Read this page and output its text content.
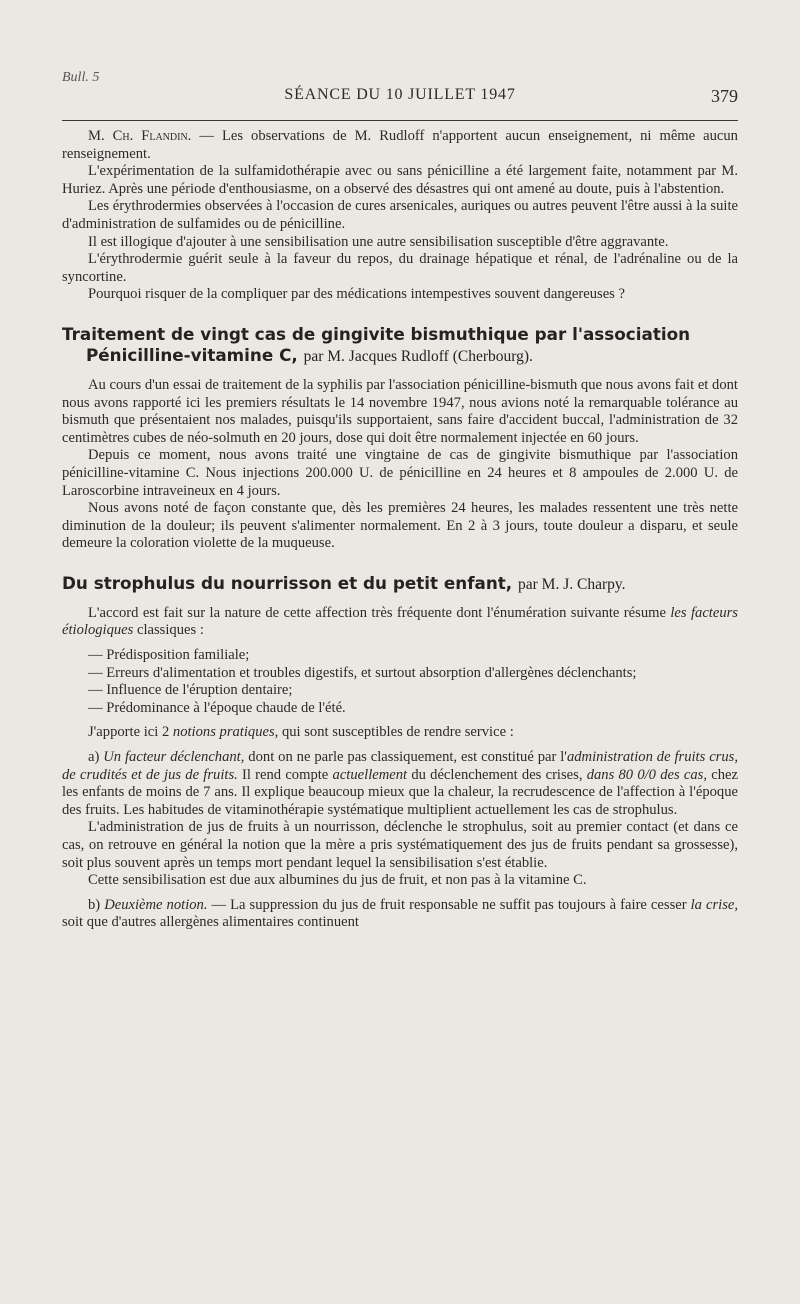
Bull. 5
SÉANCE DU 10 JUILLET 1947	379

M. Ch. Flandin. — Les observations de M. Rudloff n'apportent aucun enseignement, ni même aucun renseignement.

L'expérimentation de la sulfamidothérapie avec ou sans pénicilline a été largement faite, notamment par M. Huriez. Après une période d'enthousiasme, on a observé des désastres qui ont amené au doute, puis à l'abstention.

Les érythrodermies observées à l'occasion de cures arsenicales, auriques ou autres peuvent l'être aussi à la suite d'administration de sulfamides ou de pénicilline.

Il est illogique d'ajouter à une sensibilisation une autre sensibilisation susceptible d'être aggravante.

L'érythrodermie guérit seule à la faveur du repos, du drainage hépatique et rénal, de l'adrénaline ou de la syncortine.

Pourquoi risquer de la compliquer par des médications intempestives souvent dangereuses ?

Traitement de vingt cas de gingivite bismuthique par l'association
Pénicilline-vitamine C, par M. Jacques Rudloff (Cherbourg).

Au cours d'un essai de traitement de la syphilis par l'association pénicilline-bismuth que nous avons fait et dont nous avons rapporté ici les premiers résultats le 14 novembre 1947, nous avions noté la remarquable tolérance au bismuth que présentaient nos malades, puisqu'ils supportaient, sans faire d'accident buccal, l'administration de 32 centimètres cubes de néo-solmuth en 20 jours, dose qui doit être normalement injectée en 60 jours.

Depuis ce moment, nous avons traité une vingtaine de cas de gingivite bismuthique par l'association pénicilline-vitamine C. Nous injections 200.000 U. de pénicilline en 24 heures et 8 ampoules de 2.000 U. de Laroscorbine intraveineux en 4 jours.

Nous avons noté de façon constante que, dès les premières 24 heures, les malades ressentent une très nette diminution de la douleur; ils peuvent s'alimenter normalement. En 2 à 3 jours, toute douleur a disparu, et seule demeure la coloration violette de la muqueuse.

Du strophulus du nourrisson et du petit enfant, par M. J. Charpy.

L'accord est fait sur la nature de cette affection très fréquente dont l'énumération suivante résume les facteurs étiologiques classiques :

— Prédisposition familiale;

— Erreurs d'alimentation et troubles digestifs, et surtout absorption d'allergènes déclenchants;

— Influence de l'éruption dentaire;

— Prédominance à l'époque chaude de l'été.

J'apporte ici 2 notions pratiques, qui sont susceptibles de rendre service :

a) Un facteur déclenchant, dont on ne parle pas classiquement, est constitué par l'administration de fruits crus, de crudités et de jus de fruits. Il rend compte actuellement du déclenchement des crises, dans 80 0/0 des cas, chez les enfants de moins de 7 ans. Il explique beaucoup mieux que la chaleur, la recrudescence de l'affection à l'époque des fruits. Les habitudes de vitaminothérapie systématique multiplient actuellement les cas de strophulus.

L'administration de jus de fruits à un nourrisson, déclenche le strophulus, soit au premier contact (et dans ce cas, on retrouve en général la notion que la mère a pris systématiquement des jus de fruits pendant sa grossesse), soit plus souvent après un temps mort pendant lequel la sensibilisation s'est établie.

Cette sensibilisation est due aux albumines du jus de fruit, et non pas à la vitamine C.

b) Deuxième notion. — La suppression du jus de fruit responsable ne suffit pas toujours à faire cesser la crise, soit que d'autres allergènes alimentaires continuent
